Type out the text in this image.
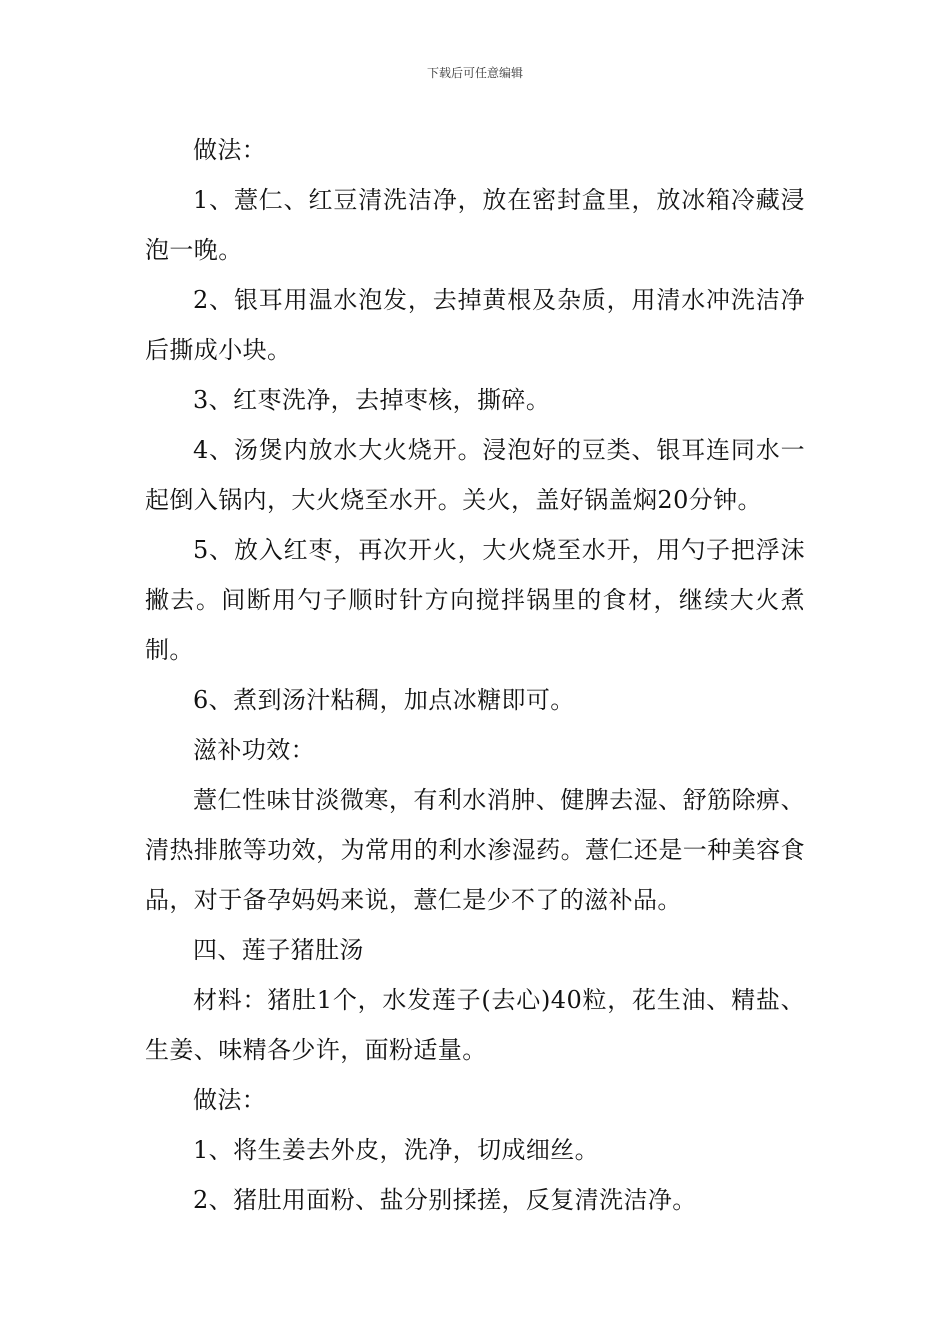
下载后可任意编辑

做法：

1、薏仁、红豆清洗洁净，放在密封盒里，放冰箱冷藏浸泡一晚。

2、银耳用温水泡发，去掉黄根及杂质，用清水冲洗洁净后撕成小块。

3、红枣洗净，去掉枣核，撕碎。

4、汤煲内放水大火烧开。浸泡好的豆类、银耳连同水一起倒入锅内，大火烧至水开。关火，盖好锅盖焖20分钟。

5、放入红枣，再次开火，大火烧至水开，用勺子把浮沫撇去。间断用勺子顺时针方向搅拌锅里的食材，继续大火煮制。

6、煮到汤汁粘稠，加点冰糖即可。

滋补功效：

薏仁性味甘淡微寒，有利水消肿、健脾去湿、舒筋除痹、清热排脓等功效，为常用的利水渗湿药。薏仁还是一种美容食品，对于备孕妈妈来说，薏仁是少不了的滋补品。

四、莲子猪肚汤

材料：猪肚1个，水发莲子(去心)40粒，花生油、精盐、生姜、味精各少许，面粉适量。

做法：

1、将生姜去外皮，洗净，切成细丝。

2、猪肚用面粉、盐分别揉搓，反复清洗洁净。
